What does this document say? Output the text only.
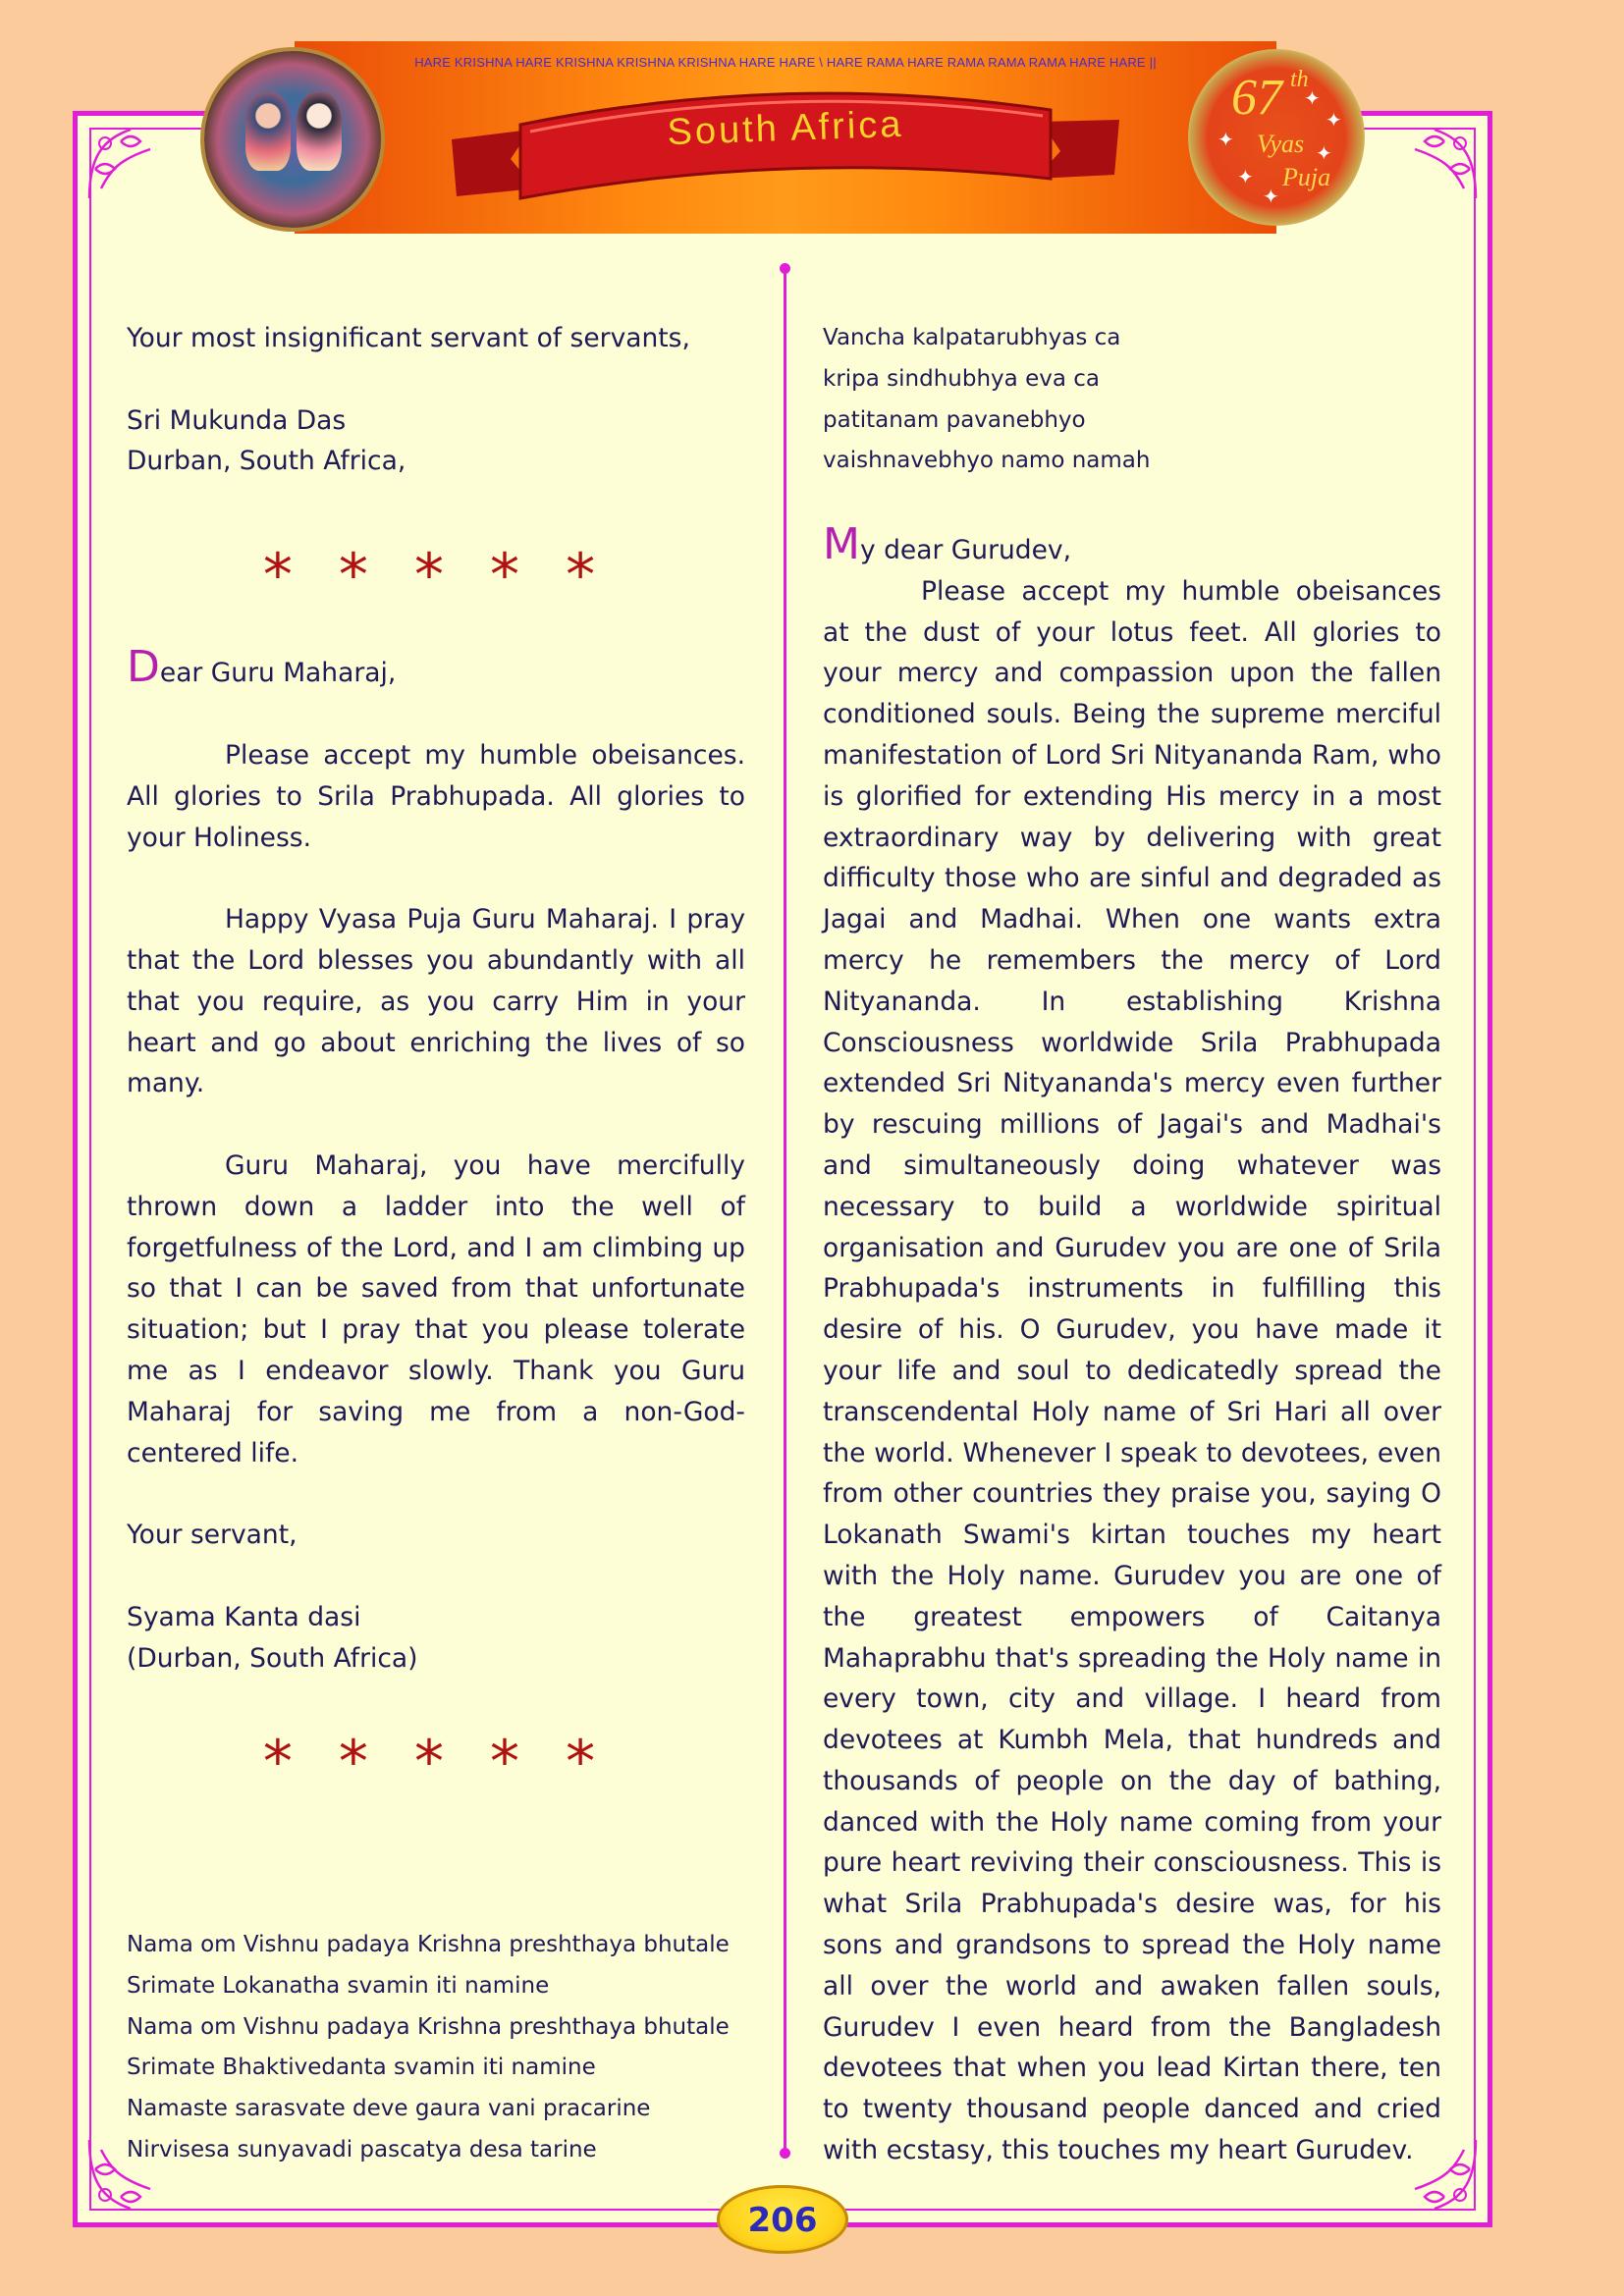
HARE KRISHNA HARE KRISHNA KRISHNA KRISHNA HARE HARE \ HARE RAMA HARE RAMA RAMA RAMA HARE HARE ||
South Africa
67 th
Vyas
Puja
✦
✦
✦
✦
✦
✦

Your most insignificant servant of servants,

Sri Mukunda Das

Durban, South Africa,

Dear Guru Maharaj,

Please accept my humble obeisances. All glories to Srila Prabhupada. All glories to your Holiness.

Happy Vyasa Puja Guru Maharaj. I pray that the Lord blesses you abundantly with all that you require, as you carry Him in your heart and go about enriching the lives of so many.

Guru Maharaj, you have mercifully thrown down a ladder into the well of forgetfulness of the Lord, and I am climbing up so that I can be saved from that unfortunate situation; but I pray that you please tolerate me as I endeavor slowly. Thank you Guru Maharaj for saving me from a non-God-centered life.

Your servant,

Syama Kanta dasi

(Durban, South Africa)

Nama om Vishnu padaya Krishna preshthaya bhutale

Srimate Lokanatha svamin iti namine

Nama om Vishnu padaya Krishna preshthaya bhutale

Srimate Bhaktivedanta svamin iti namine

Namaste sarasvate deve gaura vani pracarine

Nirvisesa sunyavadi pascatya desa tarine

* * * * *
* * * * *

Vancha kalpatarubhyas ca

kripa sindhubhya eva ca

patitanam pavanebhyo

vaishnavebhyo namo namah

My dear Gurudev,

Please accept my humble obeisances at the dust of your lotus feet. All glories to your mercy and compassion upon the fallen conditioned souls. Being the supreme merciful manifestation of Lord Sri Nityananda Ram, who is glorified for extending His mercy in a most extraordinary way by delivering with great difficulty those who are sinful and degraded as Jagai and Madhai. When one wants extra mercy he remembers the mercy of Lord Nityananda. In establishing Krishna Consciousness worldwide Srila Prabhupada extended Sri Nityananda's mercy even further by rescuing millions of Jagai's and Madhai's and simultaneously doing whatever was necessary to build a worldwide spiritual organisation and Gurudev you are one of Srila Prabhupada's instruments in fulfilling this desire of his. O Gurudev, you have made it your life and soul to dedicatedly spread the transcendental Holy name of Sri Hari all over the world. Whenever I speak to devotees, even from other countries they praise you, saying O Lokanath Swami's kirtan touches my heart with the Holy name. Gurudev you are one of the greatest empowers of Caitanya Mahaprabhu that's spreading the Holy name in every town, city and village. I heard from devotees at Kumbh Mela, that hundreds and thousands of people on the day of bathing, danced with the Holy name coming from your pure heart reviving their consciousness. This is what Srila Prabhupada's desire was, for his sons and grandsons to spread the Holy name all over the world and awaken fallen souls, Gurudev I even heard from the Bangladesh devotees that when you lead Kirtan there, ten to twenty thousand people danced and cried with ecstasy, this touches my heart Gurudev.

206
